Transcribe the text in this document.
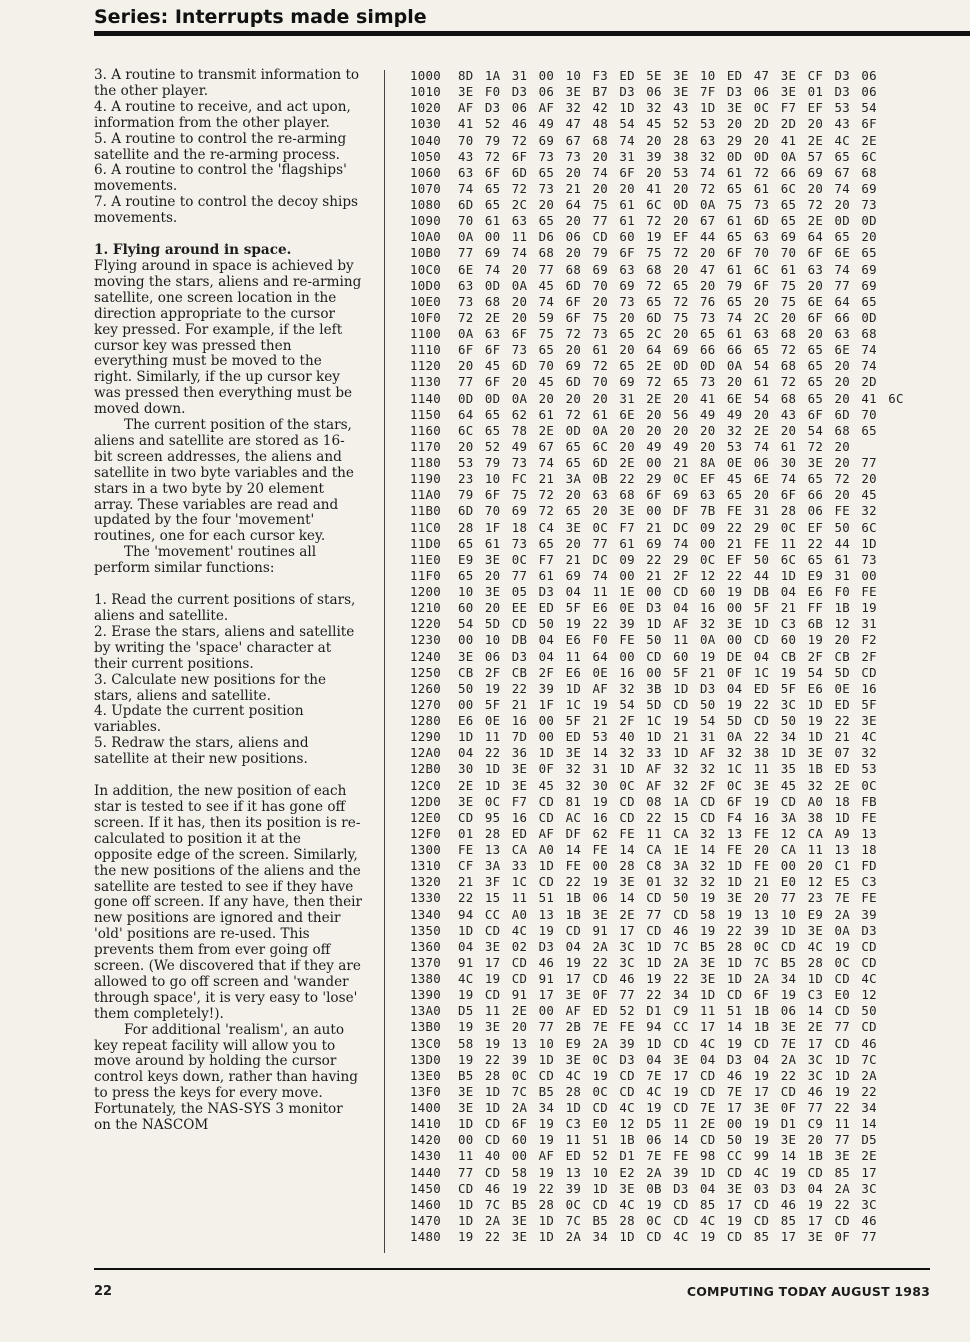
Series: Interrupts made simple

3. A routine to transmit information to the other player.

4. A routine to receive, and act upon, information from the other player.

5. A routine to control the re-arming satellite and the re-arming process.

6. A routine to control the 'flagships' movements.

7. A routine to control the decoy ships movements.

1. Flying around in space.

Flying around in space is achieved by moving the stars, aliens and re-arming satellite, one screen location in the direction appropriate to the cursor key pressed. For example, if the left cursor key was pressed then everything must be moved to the right. Similarly, if the up cursor key was pressed then everything must be moved down.

The current position of the stars, aliens and satellite are stored as 16-bit screen addresses, the aliens and satellite in two byte variables and the stars in a two byte by 20 element array. These variables are read and updated by the four 'movement' routines, one for each cursor key.

The 'movement' routines all perform similar functions:

1. Read the current positions of stars, aliens and satellite.

2. Erase the stars, aliens and satellite by writing the 'space' character at their current positions.

3. Calculate new positions for the stars, aliens and satellite.

4. Update the current position variables.

5. Redraw the stars, aliens and satellite at their new positions.

In addition, the new position of each star is tested to see if it has gone off screen. If it has, then its position is re-calculated to position it at the opposite edge of the screen. Similarly, the new positions of the aliens and the satellite are tested to see if they have gone off screen. If any have, then their new positions are ignored and their 'old' positions are re-used. This prevents them from ever going off screen. (We discovered that if they are allowed to go off screen and 'wander through space', it is very easy to 'lose' them completely!).

For additional 'realism', an auto key repeat facility will allow you to move around by holding the cursor control keys down, rather than having to press the keys for every move. Fortunately, the NAS-SYS 3 monitor on the NASCOM

1000	8D 1A 31 00 10 F3 ED 5E 3E 10 ED 47 3E CF D3 06
1010	3E F0 D3 06 3E B7 D3 06 3E 7F D3 06 3E 01 D3 06
1020	AF D3 06 AF 32 42 1D 32 43 1D 3E 0C F7 EF 53 54
1030	41 52 46 49 47 48 54 45 52 53 20 2D 2D 20 43 6F
1040	70 79 72 69 67 68 74 20 28 63 29 20 41 2E 4C 2E
1050	43 72 6F 73 73 20 31 39 38 32 0D 0D 0A 57 65 6C
1060	63 6F 6D 65 20 74 6F 20 53 74 61 72 66 69 67 68
1070	74 65 72 73 21 20 20 41 20 72 65 61 6C 20 74 69
1080	6D 65 2C 20 64 75 61 6C 0D 0A 75 73 65 72 20 73
1090	70 61 63 65 20 77 61 72 20 67 61 6D 65 2E 0D 0D
10A0	0A 00 11 D6 06 CD 60 19 EF 44 65 63 69 64 65 20
10B0	77 69 74 68 20 79 6F 75 72 20 6F 70 70 6F 6E 65
10C0	6E 74 20 77 68 69 63 68 20 47 61 6C 61 63 74 69
10D0	63 0D 0A 45 6D 70 69 72 65 20 79 6F 75 20 77 69
10E0	73 68 20 74 6F 20 73 65 72 76 65 20 75 6E 64 65
10F0	72 2E 20 59 6F 75 20 6D 75 73 74 2C 20 6F 66 0D
1100	0A 63 6F 75 72 73 65 2C 20 65 61 63 68 20 63 68
1110	6F 6F 73 65 20 61 20 64 69 66 66 65 72 65 6E 74
1120	20 45 6D 70 69 72 65 2E 0D 0D 0A 54 68 65 20 74
1130	77 6F 20 45 6D 70 69 72 65 73 20 61 72 65 20 2D
1140	0D 0D 0A 20 20 20 31 2E 20 41 6E 54 68 65 20 41 6C
1150	64 65 62 61 72 61 6E 20 56 49 49 20 43 6F 6D 70
1160	6C 65 78 2E 0D 0A 20 20 20 20 32 2E 20 54 68 65
1170	20 52 49 67 65 6C 20 49 49 20 53 74 61 72 20
1180	53 79 73 74 65 6D 2E 00 21 8A 0E 06 30 3E 20 77
1190	23 10 FC 21 3A 0B 22 29 0C EF 45 6E 74 65 72 20
11A0	79 6F 75 72 20 63 68 6F 69 63 65 20 6F 66 20 45
11B0	6D 70 69 72 65 20 3E 00 DF 7B FE 31 28 06 FE 32
11C0	28 1F 18 C4 3E 0C F7 21 DC 09 22 29 0C EF 50 6C
11D0	65 61 73 65 20 77 61 69 74 00 21 FE 11 22 44 1D
11E0	E9 3E 0C F7 21 DC 09 22 29 0C EF 50 6C 65 61 73
11F0	65 20 77 61 69 74 00 21 2F 12 22 44 1D E9 31 00
1200	10 3E 05 D3 04 11 1E 00 CD 60 19 DB 04 E6 F0 FE
1210	60 20 EE ED 5F E6 0E D3 04 16 00 5F 21 FF 1B 19
1220	54 5D CD 50 19 22 39 1D AF 32 3E 1D C3 6B 12 31
1230	00 10 DB 04 E6 F0 FE 50 11 0A 00 CD 60 19 20 F2
1240	3E 06 D3 04 11 64 00 CD 60 19 DE 04 CB 2F CB 2F
1250	CB 2F CB 2F E6 0E 16 00 5F 21 0F 1C 19 54 5D CD
1260	50 19 22 39 1D AF 32 3B 1D D3 04 ED 5F E6 0E 16
1270	00 5F 21 1F 1C 19 54 5D CD 50 19 22 3C 1D ED 5F
1280	E6 0E 16 00 5F 21 2F 1C 19 54 5D CD 50 19 22 3E
1290	1D 11 7D 00 ED 53 40 1D 21 31 0A 22 34 1D 21 4C
12A0	04 22 36 1D 3E 14 32 33 1D AF 32 38 1D 3E 07 32
12B0	30 1D 3E 0F 32 31 1D AF 32 32 1C 11 35 1B ED 53
12C0	2E 1D 3E 45 32 30 0C AF 32 2F 0C 3E 45 32 2E 0C
12D0	3E 0C F7 CD 81 19 CD 08 1A CD 6F 19 CD A0 18 FB
12E0	CD 95 16 CD AC 16 CD 22 15 CD F4 16 3A 38 1D FE
12F0	01 28 ED AF DF 62 FE 11 CA 32 13 FE 12 CA A9 13
1300	FE 13 CA A0 14 FE 14 CA 1E 14 FE 20 CA 11 13 18
1310	CF 3A 33 1D FE 00 28 C8 3A 32 1D FE 00 20 C1 FD
1320	21 3F 1C CD 22 19 3E 01 32 32 1D 21 E0 12 E5 C3
1330	22 15 11 51 1B 06 14 CD 50 19 3E 20 77 23 7E FE
1340	94 CC A0 13 1B 3E 2E 77 CD 58 19 13 10 E9 2A 39
1350	1D CD 4C 19 CD 91 17 CD 46 19 22 39 1D 3E 0A D3
1360	04 3E 02 D3 04 2A 3C 1D 7C B5 28 0C CD 4C 19 CD
1370	91 17 CD 46 19 22 3C 1D 2A 3E 1D 7C B5 28 0C CD
1380	4C 19 CD 91 17 CD 46 19 22 3E 1D 2A 34 1D CD 4C
1390	19 CD 91 17 3E 0F 77 22 34 1D CD 6F 19 C3 E0 12
13A0	D5 11 2E 00 AF ED 52 D1 C9 11 51 1B 06 14 CD 50
13B0	19 3E 20 77 2B 7E FE 94 CC 17 14 1B 3E 2E 77 CD
13C0	58 19 13 10 E9 2A 39 1D CD 4C 19 CD 7E 17 CD 46
13D0	19 22 39 1D 3E 0C D3 04 3E 04 D3 04 2A 3C 1D 7C
13E0	B5 28 0C CD 4C 19 CD 7E 17 CD 46 19 22 3C 1D 2A
13F0	3E 1D 7C B5 28 0C CD 4C 19 CD 7E 17 CD 46 19 22
1400	3E 1D 2A 34 1D CD 4C 19 CD 7E 17 3E 0F 77 22 34
1410	1D CD 6F 19 C3 E0 12 D5 11 2E 00 19 D1 C9 11 14
1420	00 CD 60 19 11 51 1B 06 14 CD 50 19 3E 20 77 D5
1430	11 40 00 AF ED 52 D1 7E FE 98 CC 99 14 1B 3E 2E
1440	77 CD 58 19 13 10 E2 2A 39 1D CD 4C 19 CD 85 17
1450	CD 46 19 22 39 1D 3E 0B D3 04 3E 03 D3 04 2A 3C
1460	1D 7C B5 28 0C CD 4C 19 CD 85 17 CD 46 19 22 3C
1470	1D 2A 3E 1D 7C B5 28 0C CD 4C 19 CD 85 17 CD 46
1480	19 22 3E 1D 2A 34 1D CD 4C 19 CD 85 17 3E 0F 77
22	COMPUTING TODAY AUGUST 1983
